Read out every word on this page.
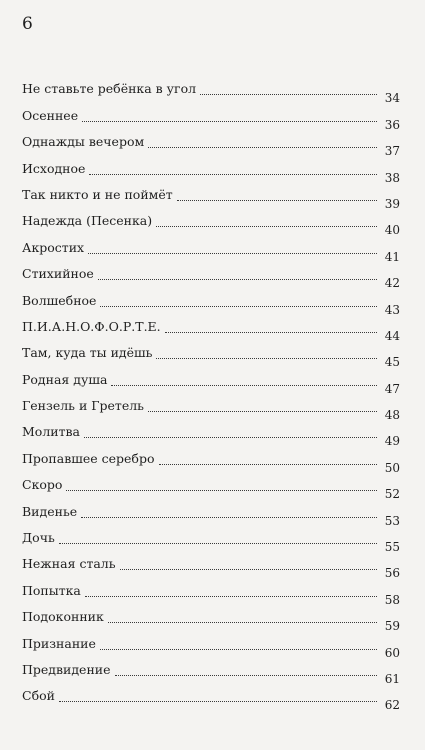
6
Не ставьте ребёнка в угол
34
Осеннее
36
Однажды вечером
37
Исходное
38
Так никто и не поймёт
39
Надежда (Песенка)
40
Акростих
41
Стихийное
42
Волшебное
43
П.И.А.Н.О.Ф.О.Р.Т.Е.
44
Там, куда ты идёшь
45
Родная душа
47
Гензель и Гретель
48
Молитва
49
Пропавшее серебро
50
Скоро
52
Виденье
53
Дочь
55
Нежная сталь
56
Попытка
58
Подоконник
59
Признание
60
Предвидение
61
Сбой
62
